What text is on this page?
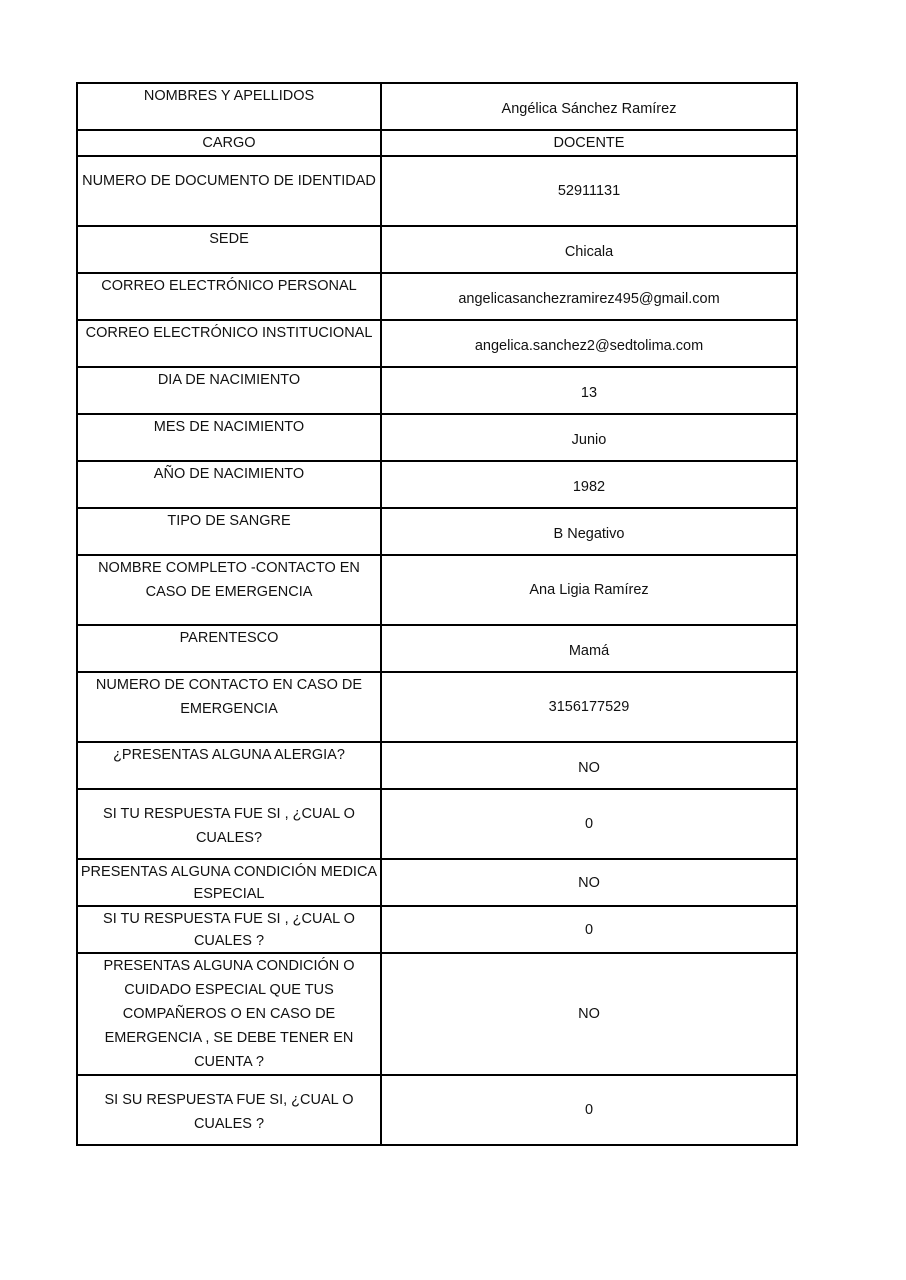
NOMBRES Y APELLIDOS	Angélica Sánchez Ramírez
CARGO	DOCENTE
NUMERO DE DOCUMENTO DE IDENTIDAD	52911131
SEDE	Chicala
CORREO ELECTRÓNICO PERSONAL	angelicasanchezramirez495@gmail.com
CORREO ELECTRÓNICO INSTITUCIONAL	angelica.sanchez2@sedtolima.com
DIA DE NACIMIENTO	13
MES DE NACIMIENTO	Junio
AÑO DE NACIMIENTO	1982
TIPO DE SANGRE	B Negativo
NOMBRE COMPLETO -CONTACTO EN CASO DE EMERGENCIA	Ana Ligia Ramírez
PARENTESCO	Mamá
NUMERO DE CONTACTO EN CASO DE EMERGENCIA	3156177529
¿PRESENTAS ALGUNA ALERGIA?	NO
SI TU RESPUESTA FUE SI , ¿CUAL O CUALES?	0
PRESENTAS ALGUNA CONDICIÓN MEDICA ESPECIAL	NO
SI TU RESPUESTA FUE SI , ¿CUAL O CUALES ?	0
PRESENTAS ALGUNA CONDICIÓN O CUIDADO ESPECIAL QUE TUS COMPAÑEROS O EN CASO DE EMERGENCIA , SE DEBE TENER EN CUENTA ?	NO
SI SU RESPUESTA FUE SI, ¿CUAL O CUALES ?	0
